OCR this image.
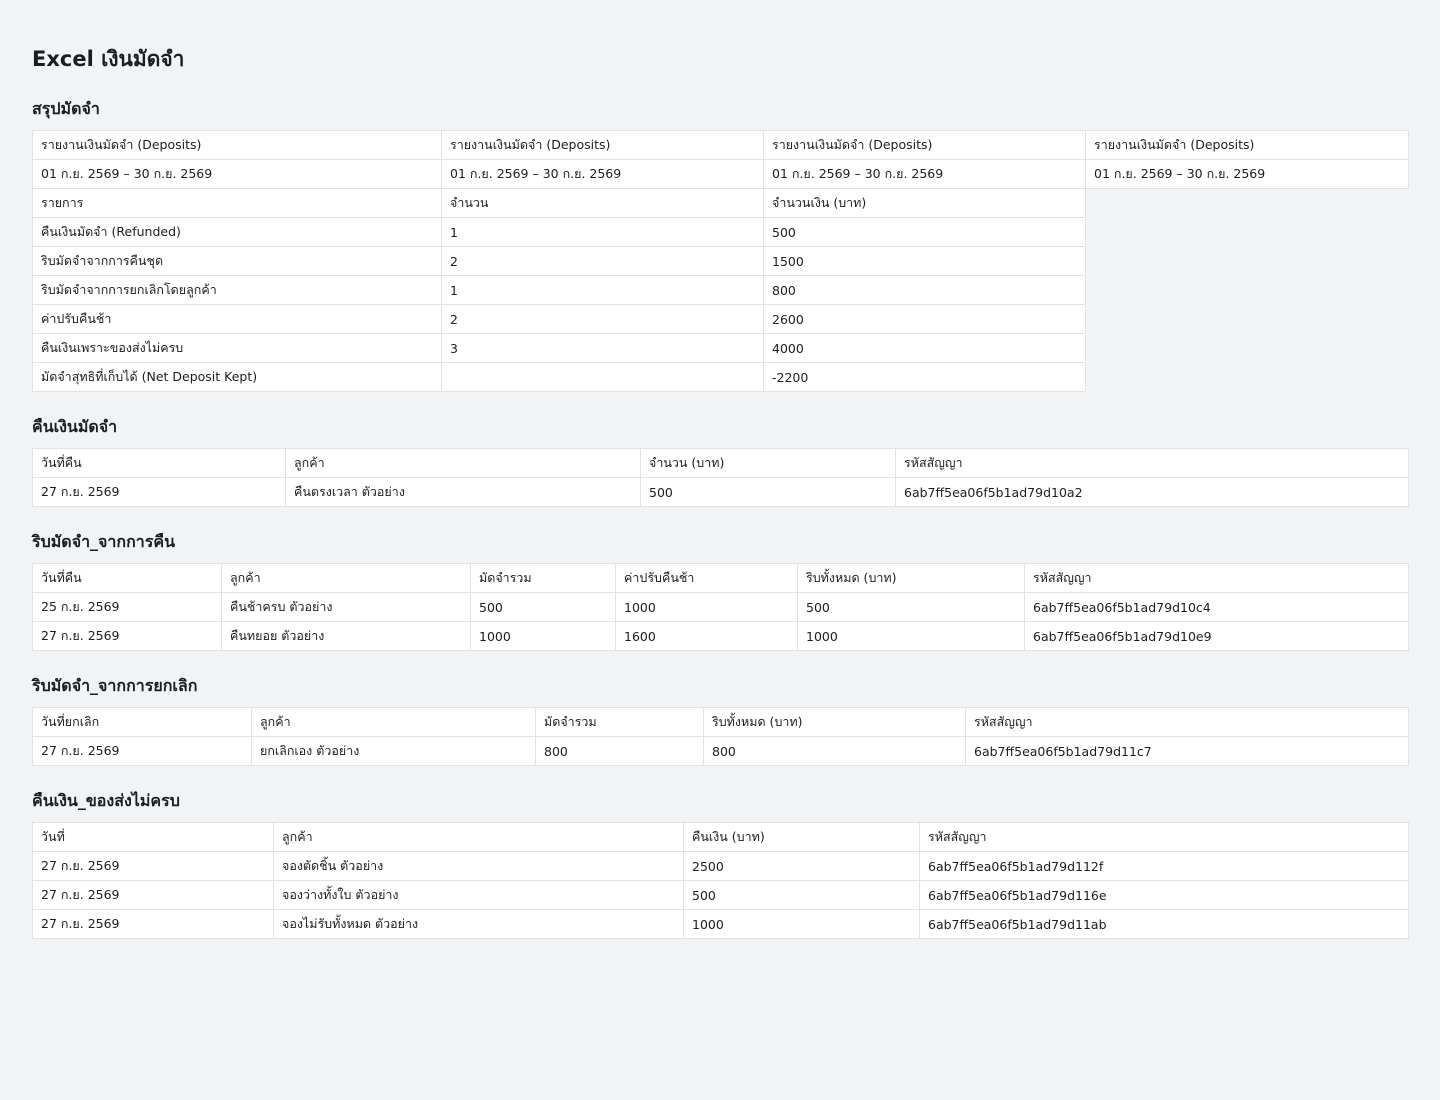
Excel เงินมัดจำ
สรุปมัดจำ
รายงานเงินมัดจำ (Deposits)	รายงานเงินมัดจำ (Deposits)	รายงานเงินมัดจำ (Deposits)	รายงานเงินมัดจำ (Deposits)
01 ก.ย. 2569 – 30 ก.ย. 2569	01 ก.ย. 2569 – 30 ก.ย. 2569	01 ก.ย. 2569 – 30 ก.ย. 2569	01 ก.ย. 2569 – 30 ก.ย. 2569
รายการ	จำนวน	จำนวนเงิน (บาท)	
คืนเงินมัดจำ (Refunded)	1	500	
ริบมัดจำจากการคืนชุด	2	1500	
ริบมัดจำจากการยกเลิกโดยลูกค้า	1	800	
ค่าปรับคืนช้า	2	2600	
คืนเงินเพราะของส่งไม่ครบ	3	4000	
มัดจำสุทธิที่เก็บได้ (Net Deposit Kept)		-2200	
คืนเงินมัดจำ
วันที่คืน	ลูกค้า	จำนวน (บาท)	รหัสสัญญา
27 ก.ย. 2569	คืนตรงเวลา ตัวอย่าง	500	6ab7ff5ea06f5b1ad79d10a2
ริบมัดจำ_จากการคืน
วันที่คืน	ลูกค้า	มัดจำรวม	ค่าปรับคืนช้า	ริบทั้งหมด (บาท)	รหัสสัญญา
25 ก.ย. 2569	คืนช้าครบ ตัวอย่าง	500	1000	500	6ab7ff5ea06f5b1ad79d10c4
27 ก.ย. 2569	คืนทยอย ตัวอย่าง	1000	1600	1000	6ab7ff5ea06f5b1ad79d10e9
ริบมัดจำ_จากการยกเลิก
วันที่ยกเลิก	ลูกค้า	มัดจำรวม	ริบทั้งหมด (บาท)	รหัสสัญญา
27 ก.ย. 2569	ยกเลิกเอง ตัวอย่าง	800	800	6ab7ff5ea06f5b1ad79d11c7
คืนเงิน_ของส่งไม่ครบ
วันที่	ลูกค้า	คืนเงิน (บาท)	รหัสสัญญา
27 ก.ย. 2569	จองตัดชิ้น ตัวอย่าง	2500	6ab7ff5ea06f5b1ad79d112f
27 ก.ย. 2569	จองว่างทั้งใบ ตัวอย่าง	500	6ab7ff5ea06f5b1ad79d116e
27 ก.ย. 2569	จองไม่รับทั้งหมด ตัวอย่าง	1000	6ab7ff5ea06f5b1ad79d11ab
